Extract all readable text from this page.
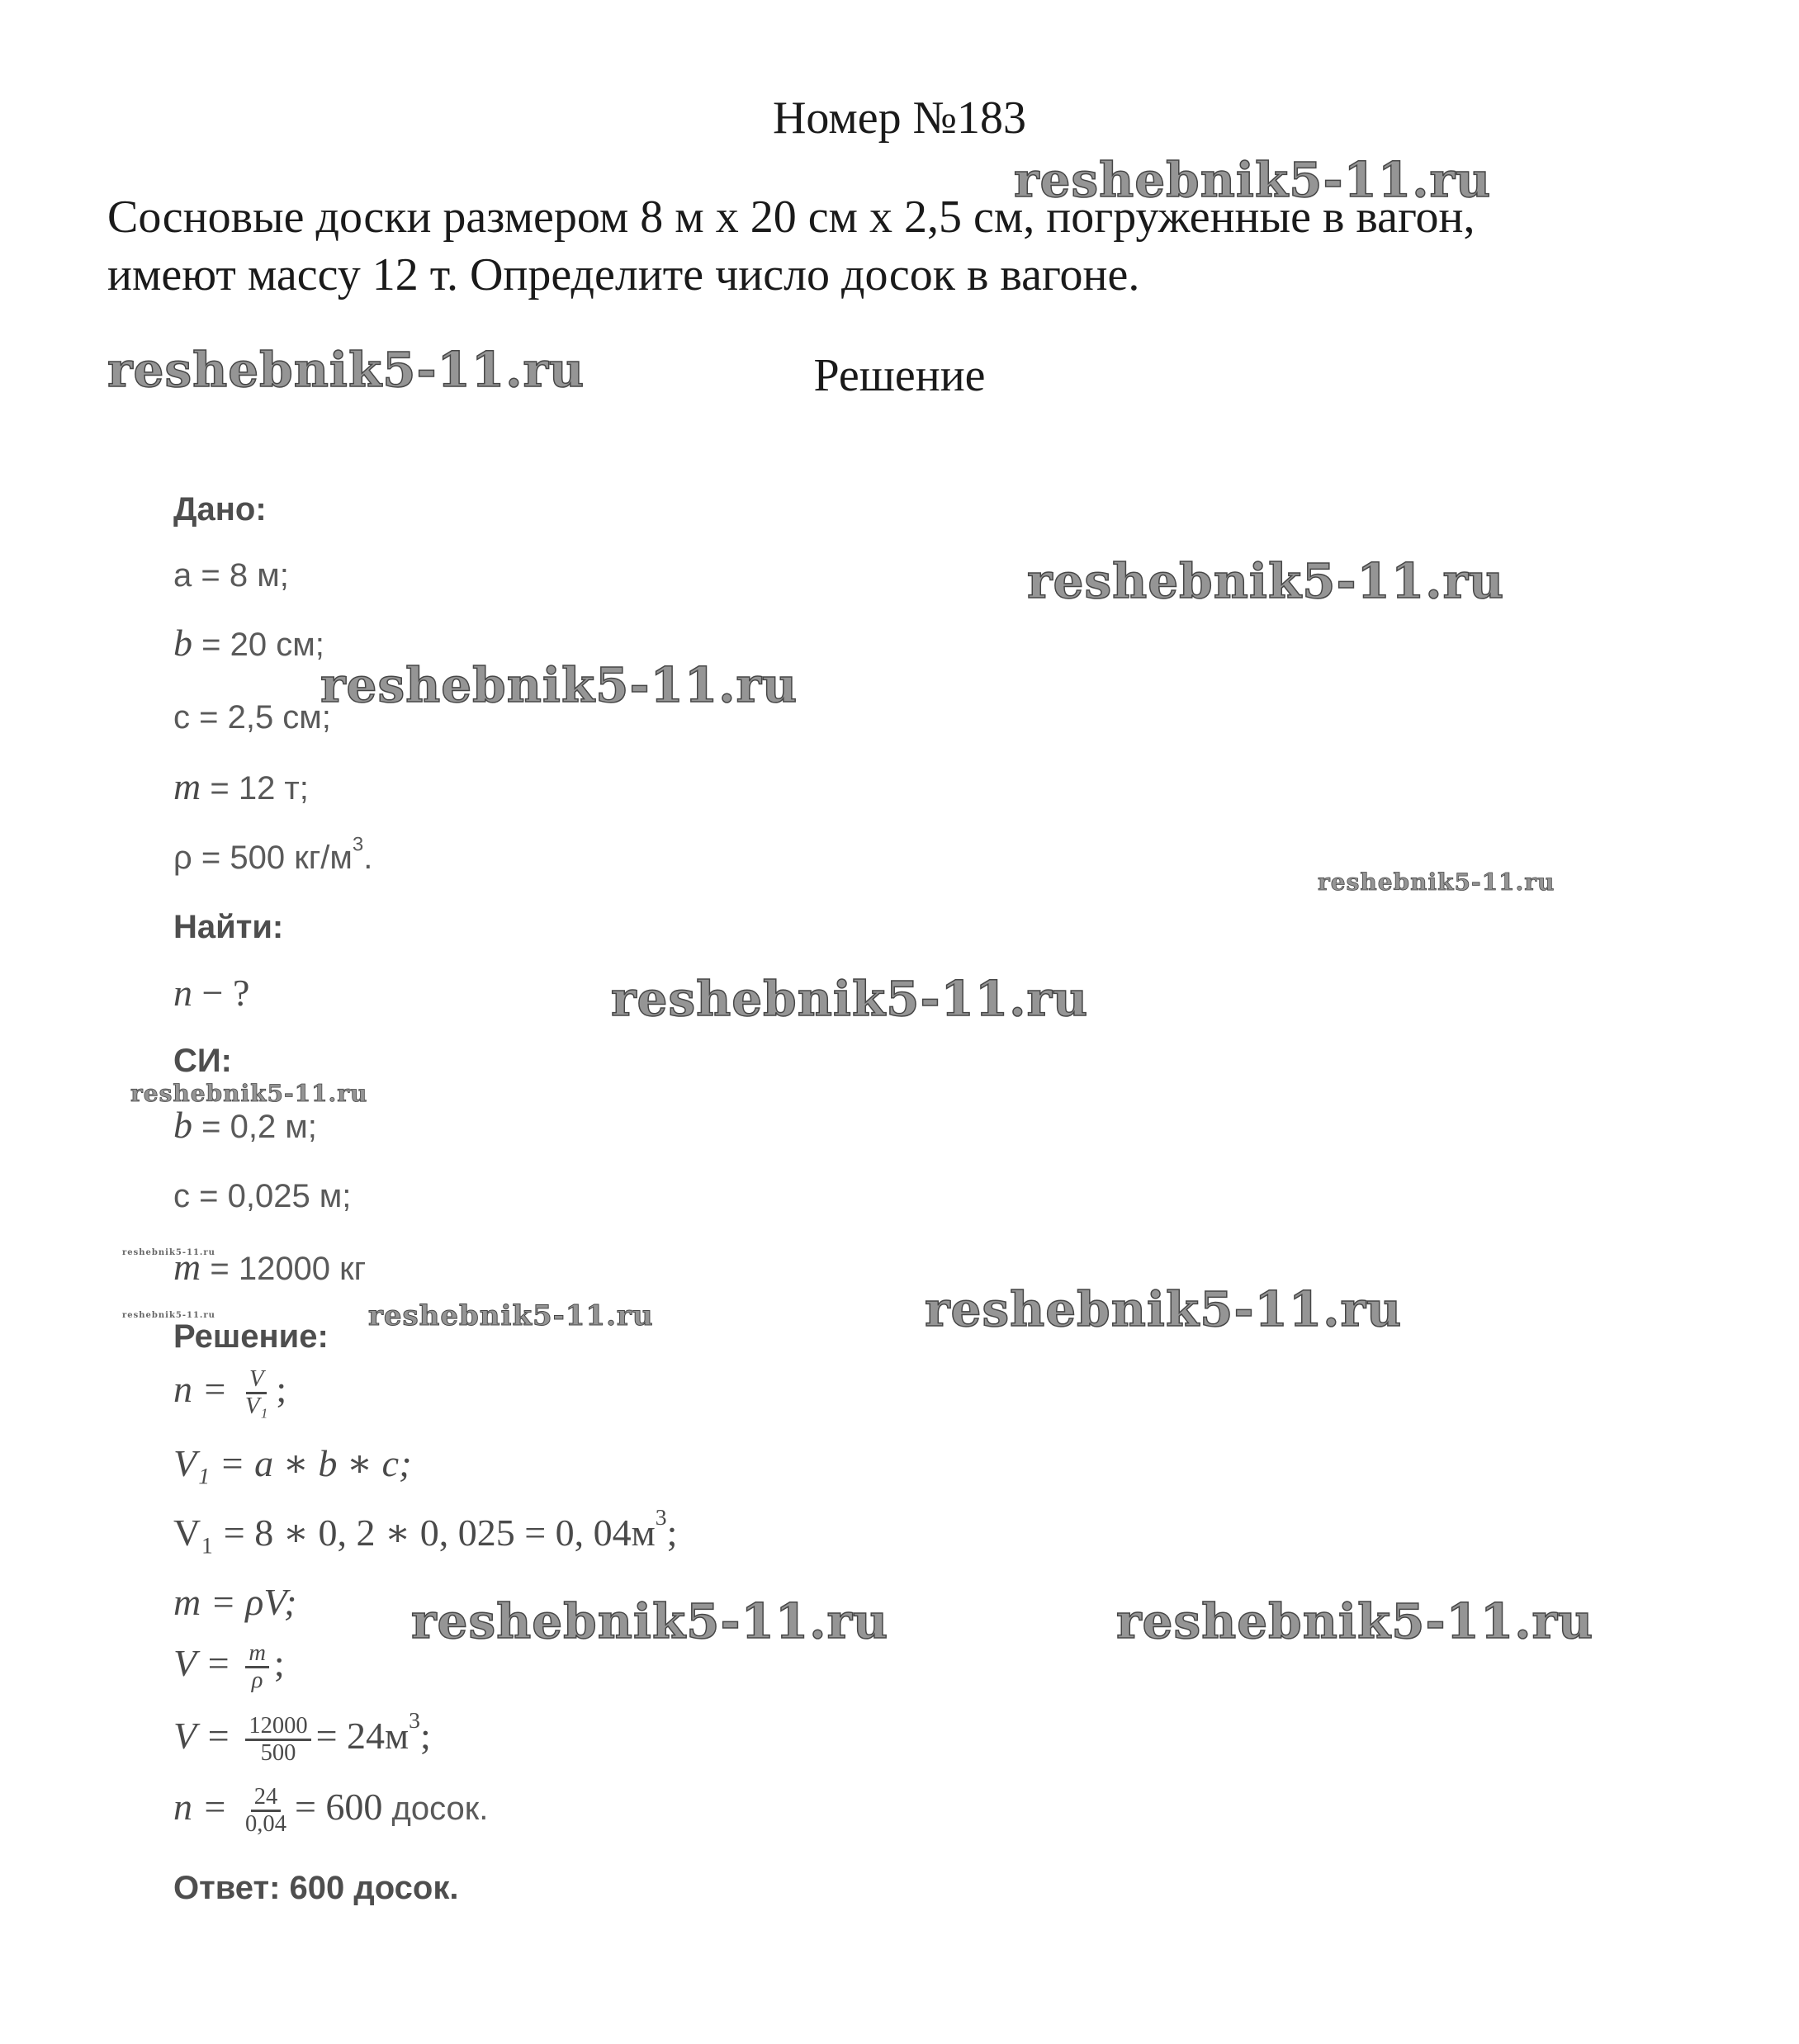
Номер №183
Сосновые доски размером 8 м х 20 см х 2,5 см, погруженные в вагон,
имеют массу 12 т. Определите число досок в вагоне.
Решение
Дано:
a = 8 м;
b = 20 см;
c = 2,5 см;
m = 12 т;
ρ = 500 $кг/м^3$.
Найти:
n − ?
СИ:
b = 0,2 м;
c = 0,025 м;
m = 12000 кг
Решение:
$n = \frac{V}{\text{V₁}}$ ;
V₁ = a ∗ b ∗ c;
V₁ = 8 ∗ 0, 2 ∗ 0, 025 = 0, $04м^3$;
m = ρV;
$V = \frac{m}{\rho}$ ;
$V = \frac{12000}{500} = 24м^3$;
$n = \frac{24}{0,04} = 600$ досок.
Ответ: 600 досок.
reshebnik5-11.ru
reshebnik5-11.ru
reshebnik5-11.ru
reshebnik5-11.ru
reshebnik5-11.ru
reshebnik5-11.ru
reshebnik5-11.ru
reshebnik5-11.ru
reshebnik5-11.ru	reshebnik5-11.ru	reshebnik5-11.ru
reshebnik5-11.ru	reshebnik5-11.ru
